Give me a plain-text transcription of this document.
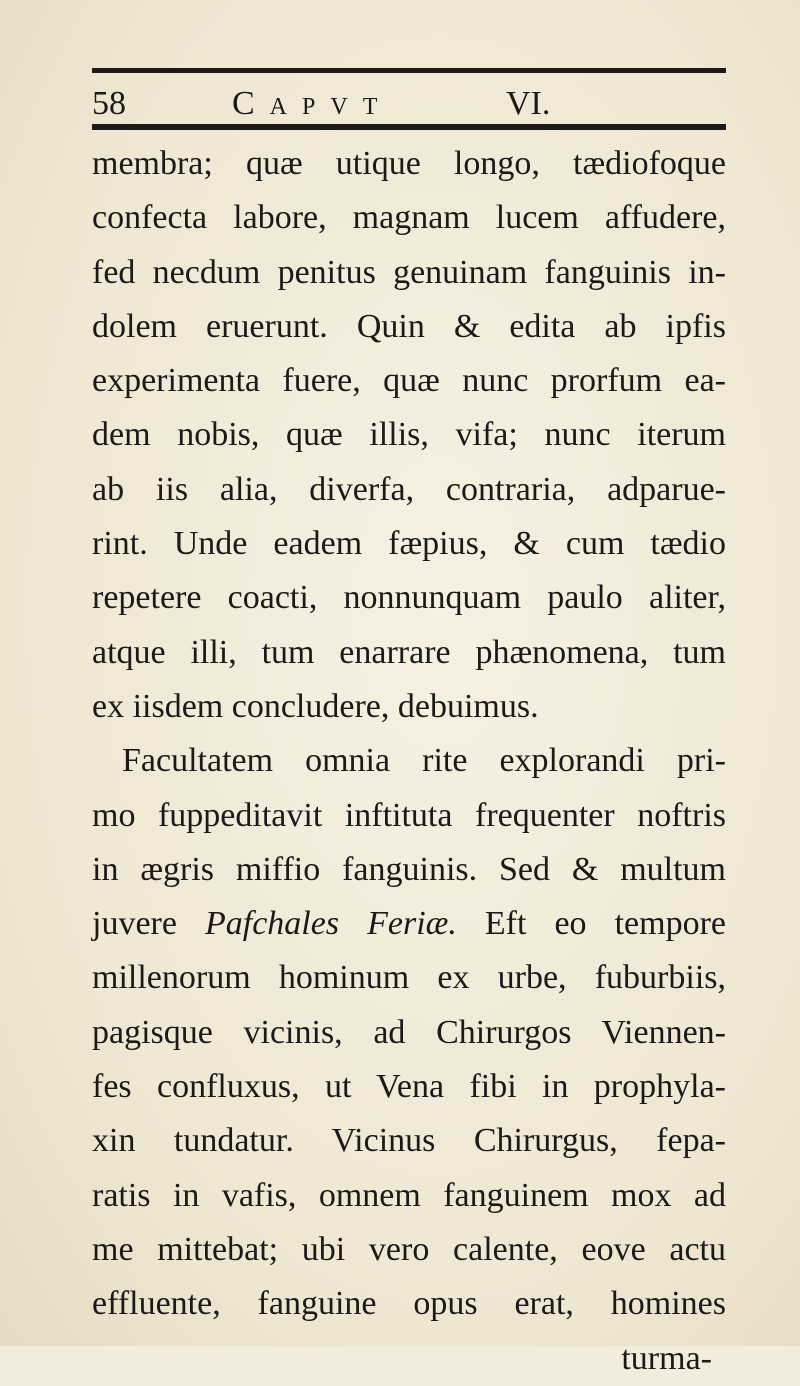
58	Capvt	VI.
membra; quæ utique longo, tædiofoque
confecta labore, magnam lucem affudere,
fed necdum penitus genuinam fanguinis in-
dolem eruerunt. Quin & edita ab ipfis
experimenta fuere, quæ nunc prorfum ea-
dem nobis, quæ illis, vifa; nunc iterum
ab iis alia, diverfa, contraria, adparue-
rint. Unde eadem fæpius, & cum tædio
repetere coacti, nonnunquam paulo aliter,
atque illi, tum enarrare phænomena, tum
ex iisdem concludere, debuimus.
Facultatem omnia rite explorandi pri-
mo fuppeditavit inftituta frequenter noftris
in ægris miffio fanguinis. Sed & multum
juvere Pafchales Feriæ. Eft eo tempore
millenorum hominum ex urbe, fuburbiis,
pagisque vicinis, ad Chirurgos Viennen-
fes confluxus, ut Vena fibi in prophyla-
xin tundatur. Vicinus Chirurgus, fepa-
ratis in vafis, omnem fanguinem mox ad
me mittebat; ubi vero calente, eove actu
effluente, fanguine opus erat, homines
turma-
